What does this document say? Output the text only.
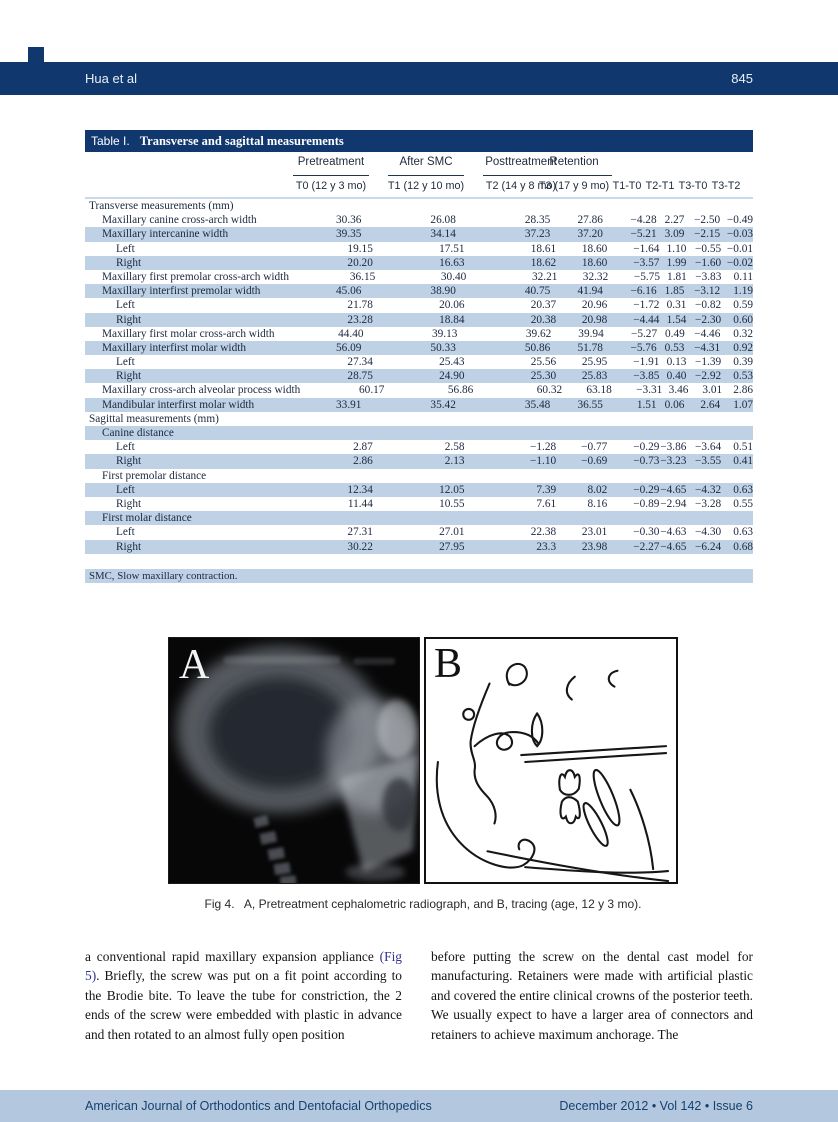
Hua et al	845
Table I. Transverse and sagittal measurements
Pretreatment	After SMC	Posttreatment
Retention
T0 (12 y 3 mo) T1 (12 y 10 mo) T2 (14 y 8 mo)
T3 (17 y 9 mo) T1-T0 T2-T1 T3-T0 T3-T2
Transverse measurements (mm)
Maxillary canine cross-arch width	30.36	26.08	28.35	27.86	−4.28 2.27 −2.50 −0.49
Maxillary intercanine width	39.35	34.14	37.23	37.20	−5.21 3.09 −2.15 −0.03
Left	19.15	17.51	18.61	18.60	−1.64 1.10 −0.55 −0.01
Right	20.20	16.63	18.62	18.60	−3.57 1.99 −1.60 −0.02
Maxillary first premolar cross-arch width	36.15	30.40	32.21	32.32	−5.75 1.81 −3.83	0.11
Maxillary interfirst premolar width	45.06	38.90	40.75	41.94	−6.16 1.85 −3.12	1.19
Left	21.78	20.06	20.37	20.96	−1.72 0.31 −0.82	0.59
Right	23.28	18.84	20.38	20.98	−4.44 1.54 −2.30	0.60
Maxillary first molar cross-arch width	44.40	39.13	39.62	39.94	−5.27 0.49 −4.46	0.32
Maxillary interfirst molar width	56.09	50.33	50.86	51.78	−5.76 0.53 −4.31	0.92
Left	27.34	25.43	25.56	25.95	−1.91 0.13 −1.39	0.39
Right	28.75	24.90	25.30	25.83	−3.85 0.40 −2.92	0.53
Maxillary cross-arch alveolar process width	60.17	56.86	60.32	63.18	−3.31 3.46	3.01 2.86
Mandibular interfirst molar width	33.91	35.42	35.48	36.55	1.51 0.06	2.64	1.07
Sagittal measurements (mm)
Canine distance
Left	2.87	2.58	−1.28	−0.77	−0.29 −3.86 −3.64	0.51
Right	2.86	2.13	−1.10	−0.69	−0.73 −3.23 −3.55	0.41
First premolar distance
Left	12.34	12.05	7.39	8.02	−0.29 −4.65 −4.32	0.63
Right	11.44	10.55	7.61	8.16	−0.89 −2.94 −3.28	0.55
First molar distance
Left	27.31	27.01	22.38	23.01	−0.30 −4.63 −4.30	0.63
Right	30.22	27.95	23.3	23.98	−2.27 −4.65 −6.24	0.68
SMC, Slow maxillary contraction.
A	B
Fig 4. A, Pretreatment cephalometric radiograph, and B, tracing (age, 12 y 3 mo).
a conventional rapid maxillary expansion appliance (Fig 5). Briefly, the screw was put on a fit point according to the Brodie bite. To leave the tube for constriction, the 2 ends of the screw were embedded with plastic in advance and then rotated to an almost fully open position
before putting the screw on the dental cast model for manufacturing. Retainers were made with artificial plastic and covered the entire clinical crowns of the posterior teeth. We usually expect to have a larger area of connectors and retainers to achieve maximum anchorage. The
American Journal of Orthodontics and Dentofacial Orthopedics	December 2012 • Vol 142 • Issue 6
